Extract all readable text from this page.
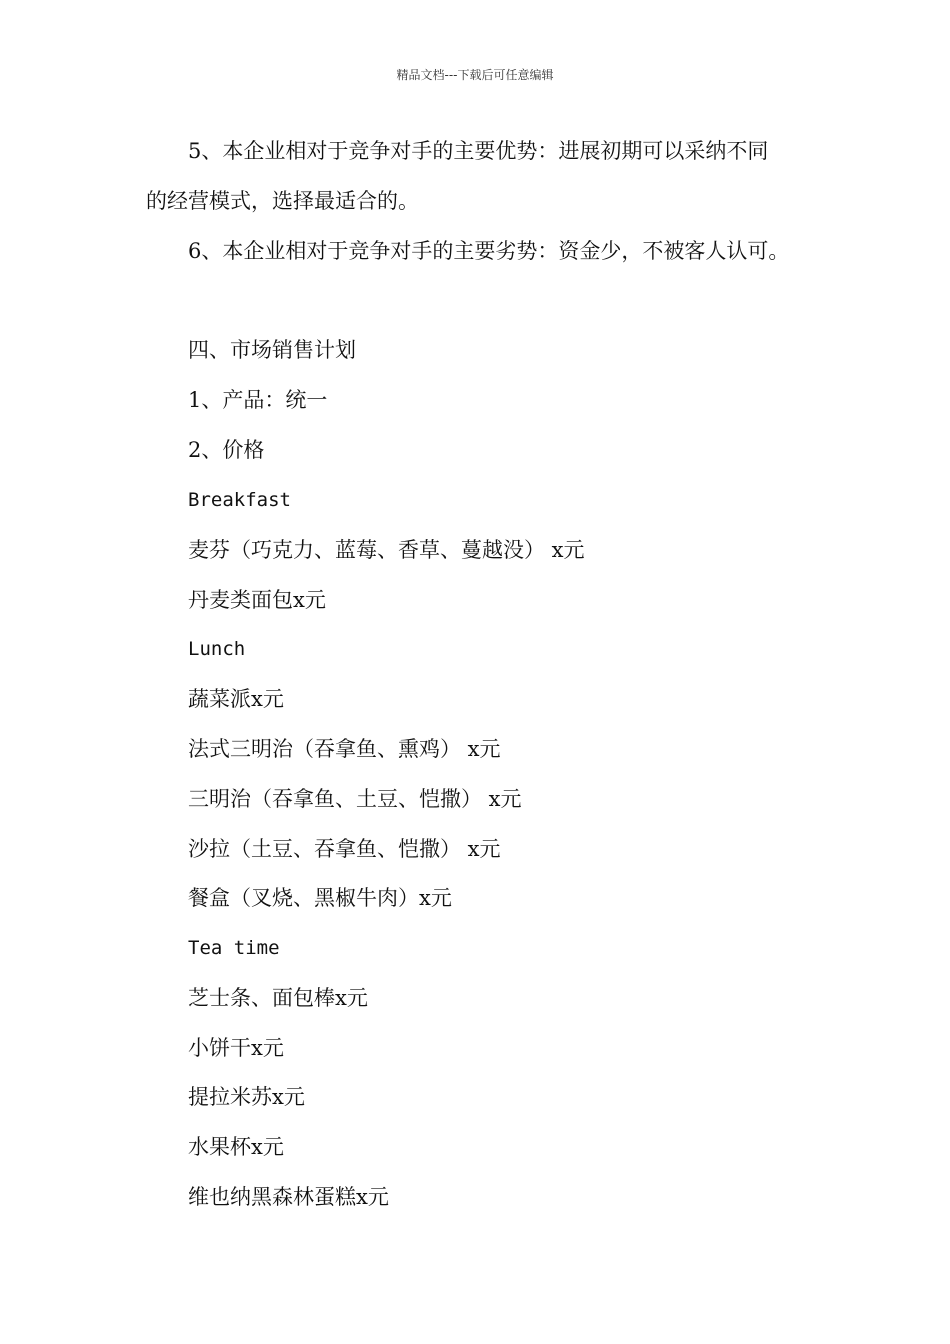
精品文档---下载后可任意编辑

5、本企业相对于竞争对手的主要优势：进展初期可以采纳不同
的经营模式，选择最适合的。

6、本企业相对于竞争对手的主要劣势：资金少，不被客人认可。

四、市场销售计划

1、产品：统一

2、价格

Breakfast

麦芬（巧克力、蓝莓、香草、蔓越没） x元

丹麦类面包x元

Lunch

蔬菜派x元

法式三明治（吞拿鱼、熏鸡） x元

三明治（吞拿鱼、土豆、恺撒） x元

沙拉（土豆、吞拿鱼、恺撒） x元

餐盒（叉烧、黑椒牛肉）x元

Tea time

芝士条、面包棒x元

小饼干x元

提拉米苏x元

水果杯x元

维也纳黑森林蛋糕x元
